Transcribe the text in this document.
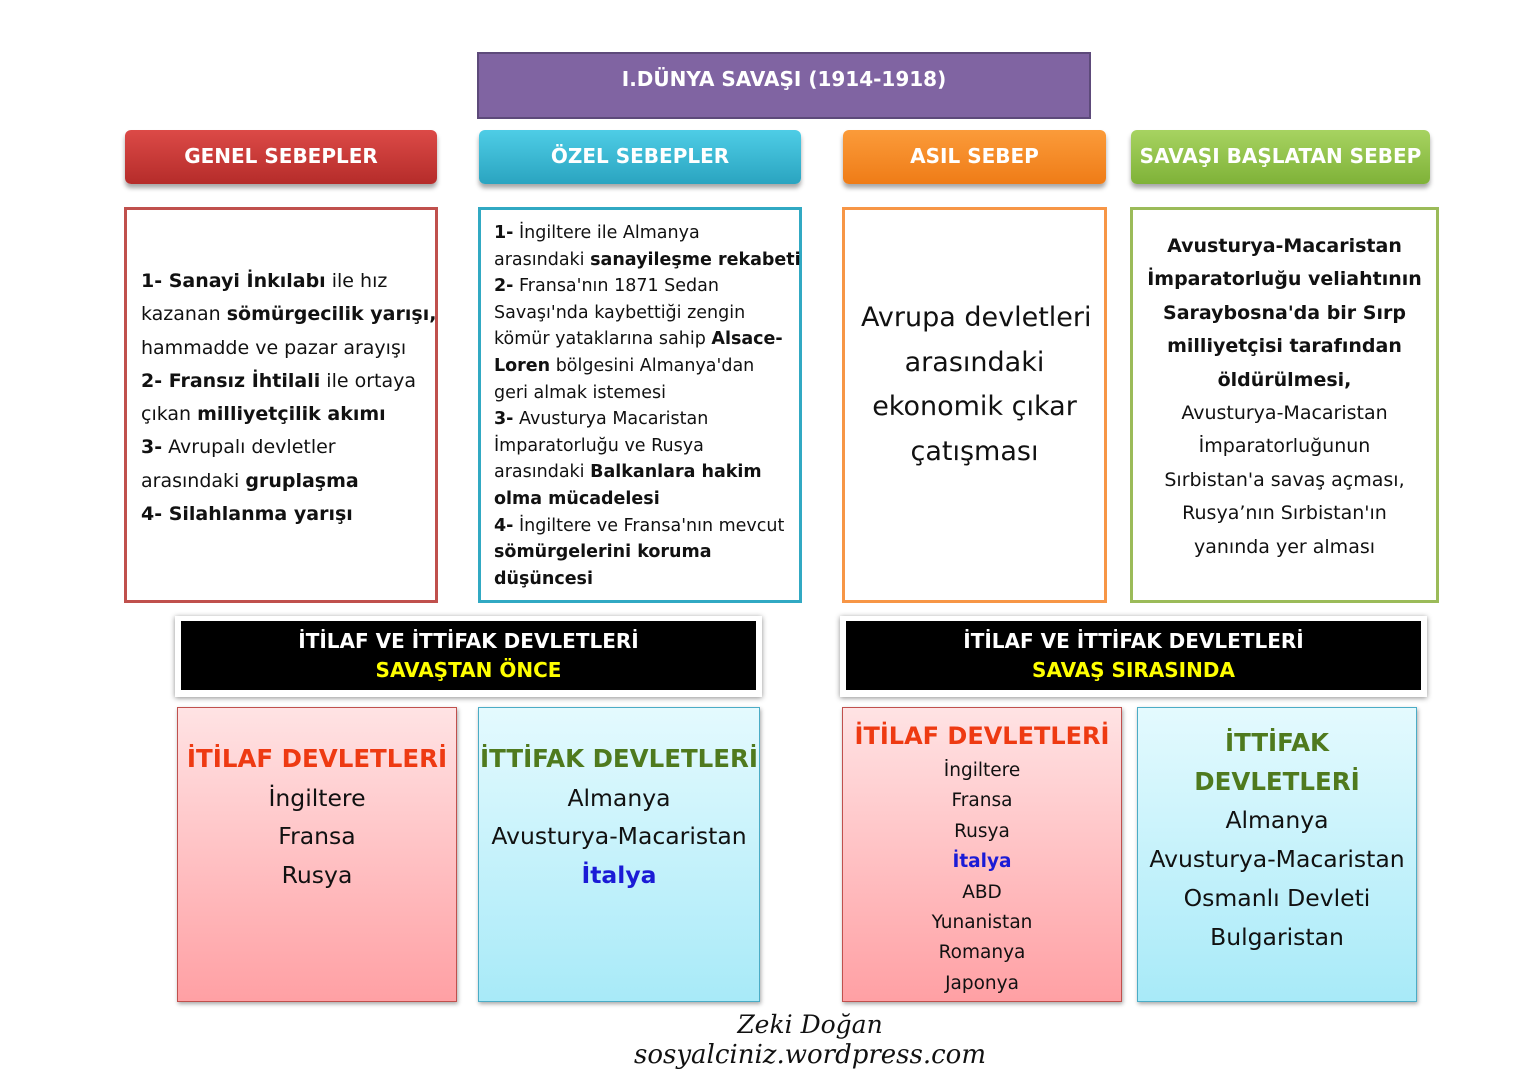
I.DÜNYA SAVAŞI (1914-1918)
GENEL SEBEPLER	ÖZEL SEBEPLER	ASIL SEBEP	SAVAŞI BAŞLATAN SEBEP
1- Sanayi İnkılabı ile hız
kazanan sömürgecilik yarışı,
hammadde ve pazar arayışı
2- Fransız İhtilali ile ortaya
çıkan milliyetçilik akımı
3- Avrupalı devletler
arasındaki gruplaşma
4- Silahlanma yarışı
1- İngiltere ile Almanya
arasındaki sanayileşme rekabeti
2- Fransa'nın 1871 Sedan
Savaşı'nda kaybettiği zengin
kömür yataklarına sahip Alsace-
Loren bölgesini Almanya'dan
geri almak istemesi
3- Avusturya Macaristan
İmparatorluğu ve Rusya
arasındaki Balkanlara hakim
olma mücadelesi
4- İngiltere ve Fransa'nın mevcut
sömürgelerini koruma
düşüncesi
Avrupa devletleri
arasındaki
ekonomik çıkar
çatışması
Avusturya-Macaristan
İmparatorluğu veliahtının
Saraybosna'da bir Sırp
milliyetçisi tarafından
öldürülmesi,
Avusturya-Macaristan
İmparatorluğunun
Sırbistan'a savaş açması,
Rusya’nın Sırbistan'ın
yanında yer alması
İTİLAF VE İTTİFAK DEVLETLERİ
SAVAŞTAN ÖNCE
İTİLAF VE İTTİFAK DEVLETLERİ
SAVAŞ SIRASINDA
İTİLAF DEVLETLERİ
İngiltere
Fransa
Rusya
İTTİFAK DEVLETLERİ
Almanya
Avusturya-Macaristan
İtalya
İTİLAF DEVLETLERİ
İngiltere
Fransa
Rusya
İtalya
ABD
Yunanistan
Romanya
Japonya
İTTİFAK DEVLETLERİ
Almanya
Avusturya-Macaristan
Osmanlı Devleti
Bulgaristan
Zeki Doğan
sosyalciniz.wordpress.com
